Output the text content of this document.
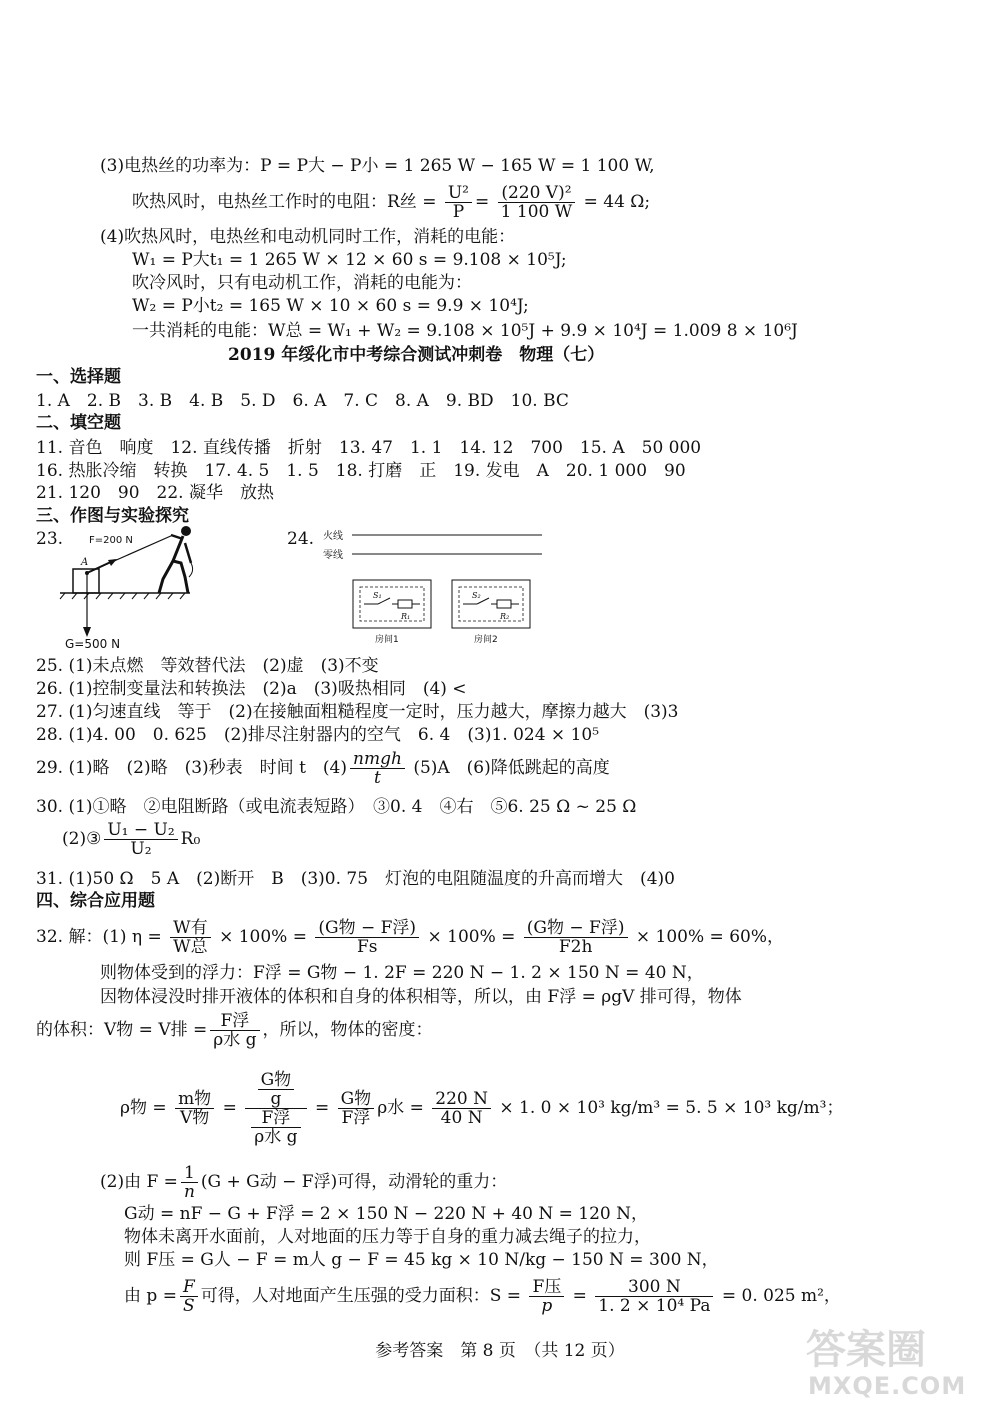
(3)电热丝的功率为：P = P大 − P小 = 1 265 W − 165 W = 1 100 W,
吹热风时，电热丝工作时的电阻：R丝 = $\frac{\text{U²}}{P} = \frac{\text{(220 V)²}}{1 100 W} = 44$ Ω;
(4)吹热风时，电热丝和电动机同时工作，消耗的电能：
W₁ = P大t₁ = 1 265 W × 12 × 60 s = 9.108 × 10⁵J;
吹冷风时，只有电动机工作，消耗的电能为：
W₂ = P小t₂ = 165 W × 10 × 60 s = 9.9 × 10⁴J;
一共消耗的电能：W总 = W₁ + W₂ = 9.108 × 10⁵J + 9.9 × 10⁴J = 1.009 8 × 10⁶J
2019 年绥化市中考综合测试冲刺卷　物理（七）
一、选择题
1. A　2. B　3. B　4. B　5. D　6. A　7. C　8. A　9. BD　10. BC
二、填空题
11. 音色　响度　12. 直线传播　折射　13. 47　1. 1　14. 12　700　15. A　50 000
16. 热胀冷缩　转换　17. 4. 5　1. 5　18. 打磨　正　19. 发电　A　20. 1 000　90
21. 120　90　22. 凝华　放热
三、作图与实验探究
23.	F=200 N
A
G=500 N
24. 火线
零线
S₁
R₁
房间1
S₂
R₂
房间2
25. (1)未点燃　等效替代法　(2)虚　(3)不变
26. (1)控制变量法和转换法　(2)a　(3)吸热相同　(4) <
27. (1)匀速直线　等于　(2)在接触面粗糙程度一定时，压力越大，摩擦力越大　(3)3
28. (1)4. 00　0. 625　(2)排尽注射器内的空气　6. 4　(3)1. 024 × 10⁵
29. (1)略　(2)略　(3)秒表　时间 t　$(4) \frac{\text{nmgh}}{t} (5)A$　(6)降低跳起的高度
30. (1)①略　②电阻断路（或电流表短路）　③0. 4　④右　⑤6. 25 Ω ~ 25 Ω
(2)③ $\frac{\text{U₁ − U₂}}{\text{U₂}} R_0$
31. (1)50 Ω　5 A　(2)断开　B　(3)0. 75　灯泡的电阻随温度的升高而增大　(4)0
四、综合应用题
32. 解：(1) $\eta = \frac{\text{W有}}{\text{W总}} \times 100\% = \frac{\text{(G物 − F浮)}}{Fs} \times 100\% = \frac{\text{(G物 − F浮)}}{F2h} \times 100\% = 60\%$，
则物体受到的浮力：F浮 = G物 − 1. 2F = 220 N − 1. 2 × 150 N = 40 N，
因物体浸没时排开液体的体积和自身的体积相等，所以，由 F浮 = ρgV 排可得，物体
的体积：V物 = V排 = $\frac{\text{F浮}}{\text{ρ水 g}}$ ，所以，物体的密度：
ρ物 = $\frac{\text{m物}}{\text{V物}} = \frac{\frac{\text{G物}}{g}}{\frac{\text{F浮}}{\text{ρ水 g}}} = \frac{\text{G物}}{\text{F浮}}$ ρ水 = $\frac{220 N}{40 N} \times 1$. 0 × 10³ kg/m³ = 5. 5 × 10³ kg/m³；
(2)由 $F = \frac{1}{n} (G + G$动 − F浮)可得，动滑轮的重力：
G动 = nF − G + F浮 = 2 × 150 N − 220 N + 40 N = 120 N，
物体未离开水面前，人对地面的压力等于自身的重力减去绳子的拉力，
则 F压 = G人 − F = m人 g − F = 45 kg × 10 N/kg − 150 N = 300 N，
由 $p = \frac{F}{S}$ 可得，人对地面产生压强的受力面积：$S = \frac{\text{F压}}{p} = \frac{300 N}{\text{1. 2 × 10⁴ Pa}} = 0$. 025 m²，
参考答案　第 8 页　（共 12 页）	答案圈
MXQE.COM
